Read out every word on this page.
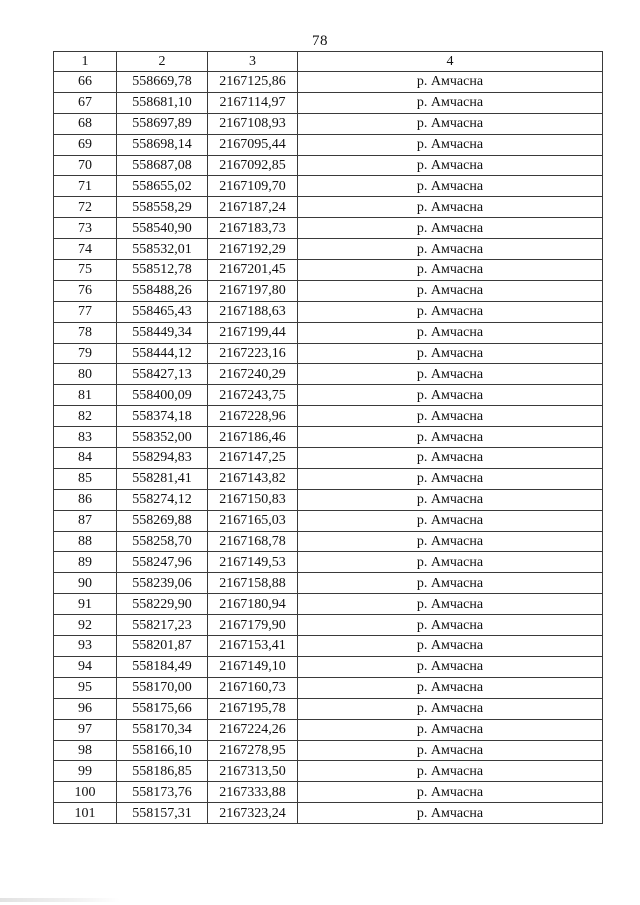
78
1	2	3	4
66	558669,78	2167125,86	р. Амчасна
67	558681,10	2167114,97	р. Амчасна
68	558697,89	2167108,93	р. Амчасна
69	558698,14	2167095,44	р. Амчасна
70	558687,08	2167092,85	р. Амчасна
71	558655,02	2167109,70	р. Амчасна
72	558558,29	2167187,24	р. Амчасна
73	558540,90	2167183,73	р. Амчасна
74	558532,01	2167192,29	р. Амчасна
75	558512,78	2167201,45	р. Амчасна
76	558488,26	2167197,80	р. Амчасна
77	558465,43	2167188,63	р. Амчасна
78	558449,34	2167199,44	р. Амчасна
79	558444,12	2167223,16	р. Амчасна
80	558427,13	2167240,29	р. Амчасна
81	558400,09	2167243,75	р. Амчасна
82	558374,18	2167228,96	р. Амчасна
83	558352,00	2167186,46	р. Амчасна
84	558294,83	2167147,25	р. Амчасна
85	558281,41	2167143,82	р. Амчасна
86	558274,12	2167150,83	р. Амчасна
87	558269,88	2167165,03	р. Амчасна
88	558258,70	2167168,78	р. Амчасна
89	558247,96	2167149,53	р. Амчасна
90	558239,06	2167158,88	р. Амчасна
91	558229,90	2167180,94	р. Амчасна
92	558217,23	2167179,90	р. Амчасна
93	558201,87	2167153,41	р. Амчасна
94	558184,49	2167149,10	р. Амчасна
95	558170,00	2167160,73	р. Амчасна
96	558175,66	2167195,78	р. Амчасна
97	558170,34	2167224,26	р. Амчасна
98	558166,10	2167278,95	р. Амчасна
99	558186,85	2167313,50	р. Амчасна
100	558173,76	2167333,88	р. Амчасна
101	558157,31	2167323,24	р. Амчасна
